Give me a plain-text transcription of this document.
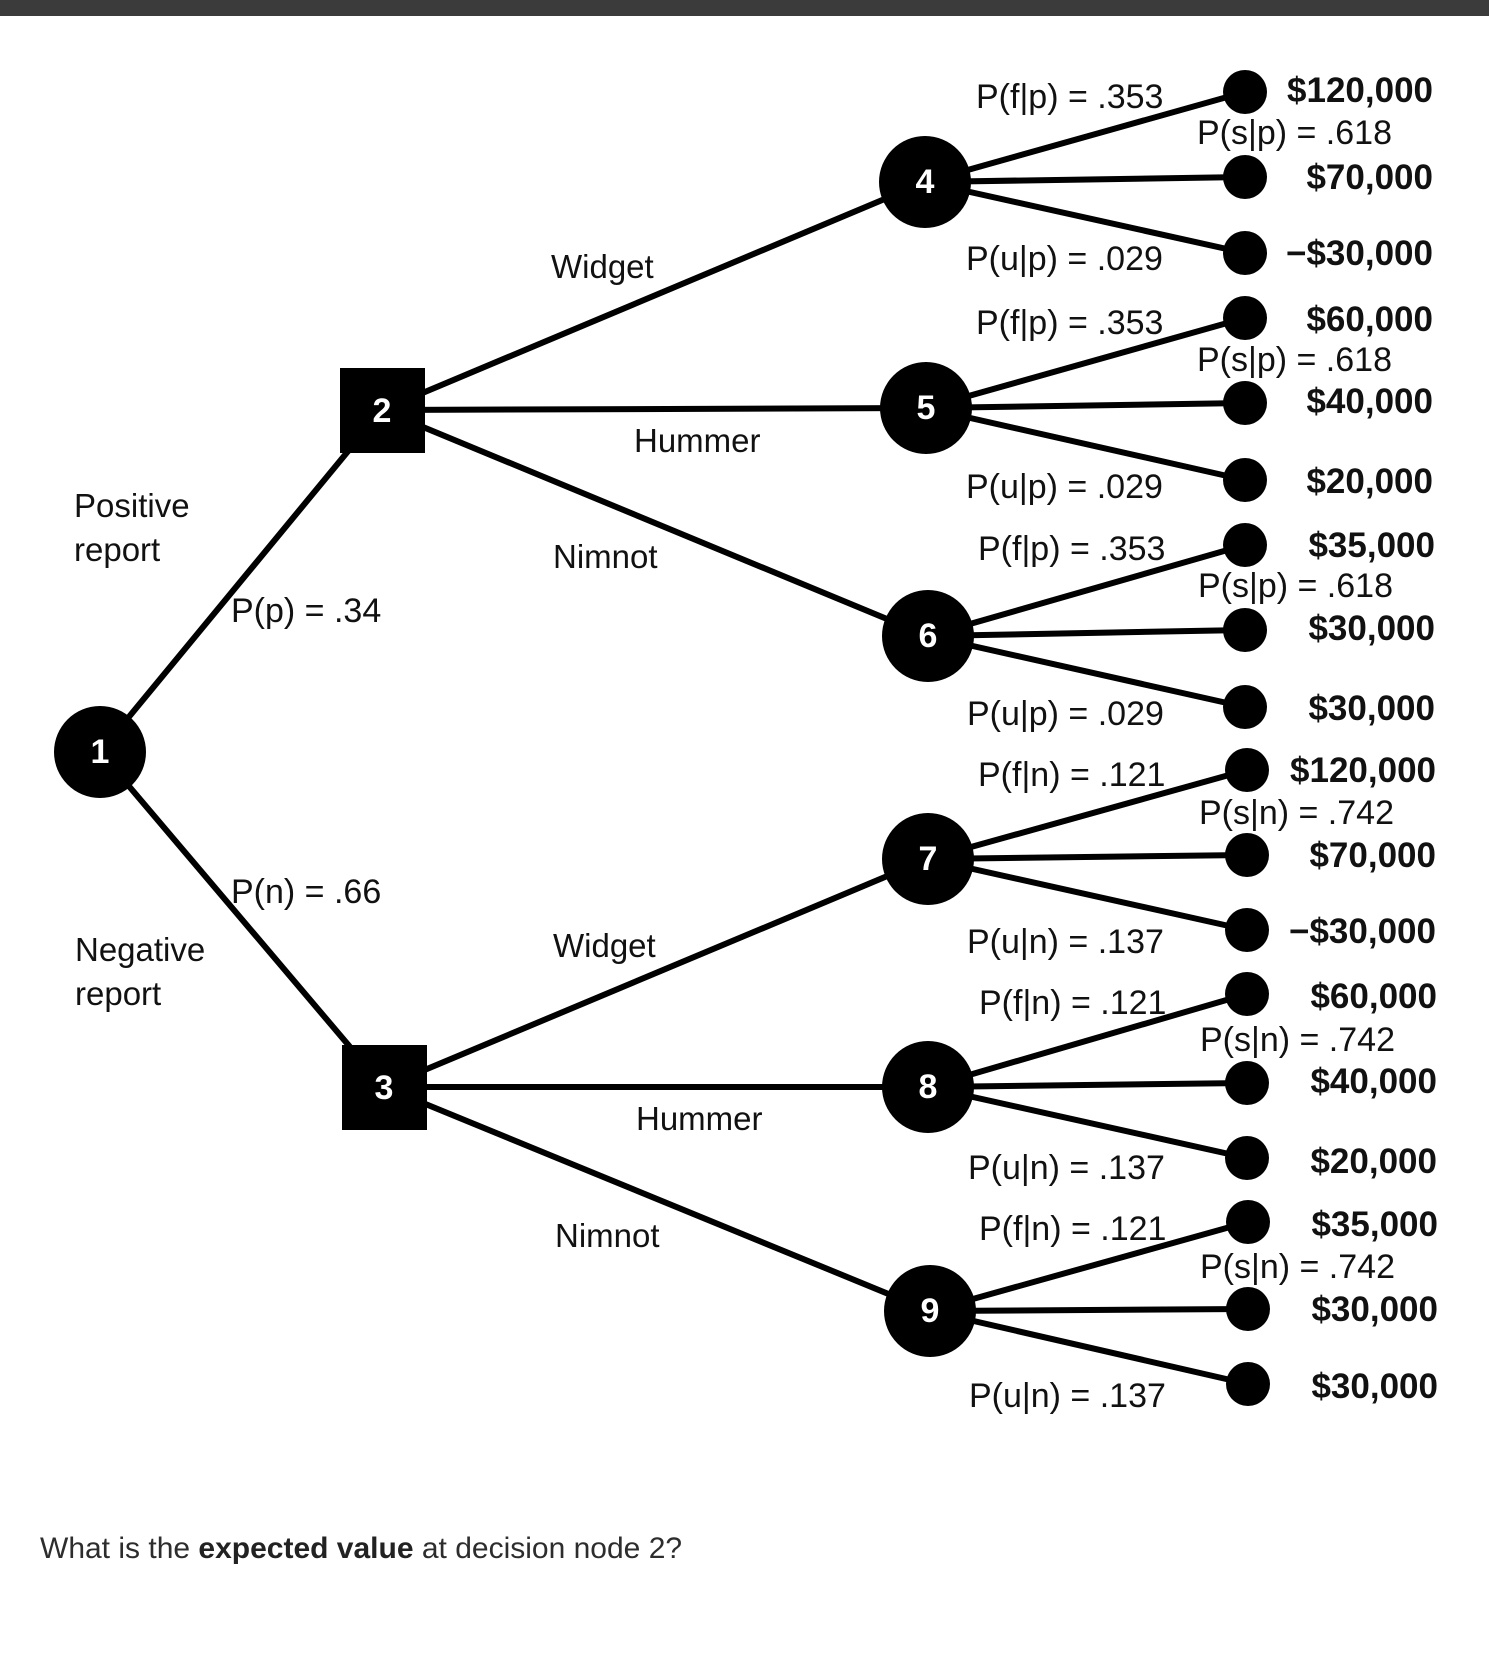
1
2
3
4
5
6
7
8
9
Positive
report
P(p) = .34
P(n) = .66
Negative
report
Widget
Hummer
Nimnot
Widget
Hummer
Nimnot
P(f|p) = .353
P(s|p) = .618
P(u|p) = .029
P(f|p) = .353
P(s|p) = .618
P(u|p) = .029
P(f|p) = .353
P(s|p) = .618
P(u|p) = .029
P(f|n) = .121
P(s|n) = .742
P(u|n) = .137
P(f|n) = .121
P(s|n) = .742
P(u|n) = .137
P(f|n) = .121
P(s|n) = .742
P(u|n) = .137
$120,000
$70,000
−$30,000
$60,000
$40,000
$20,000
$35,000
$30,000
$30,000
$120,000
$70,000
−$30,000
$60,000
$40,000
$20,000
$35,000
$30,000
$30,000
What is the expected value at decision node 2?
